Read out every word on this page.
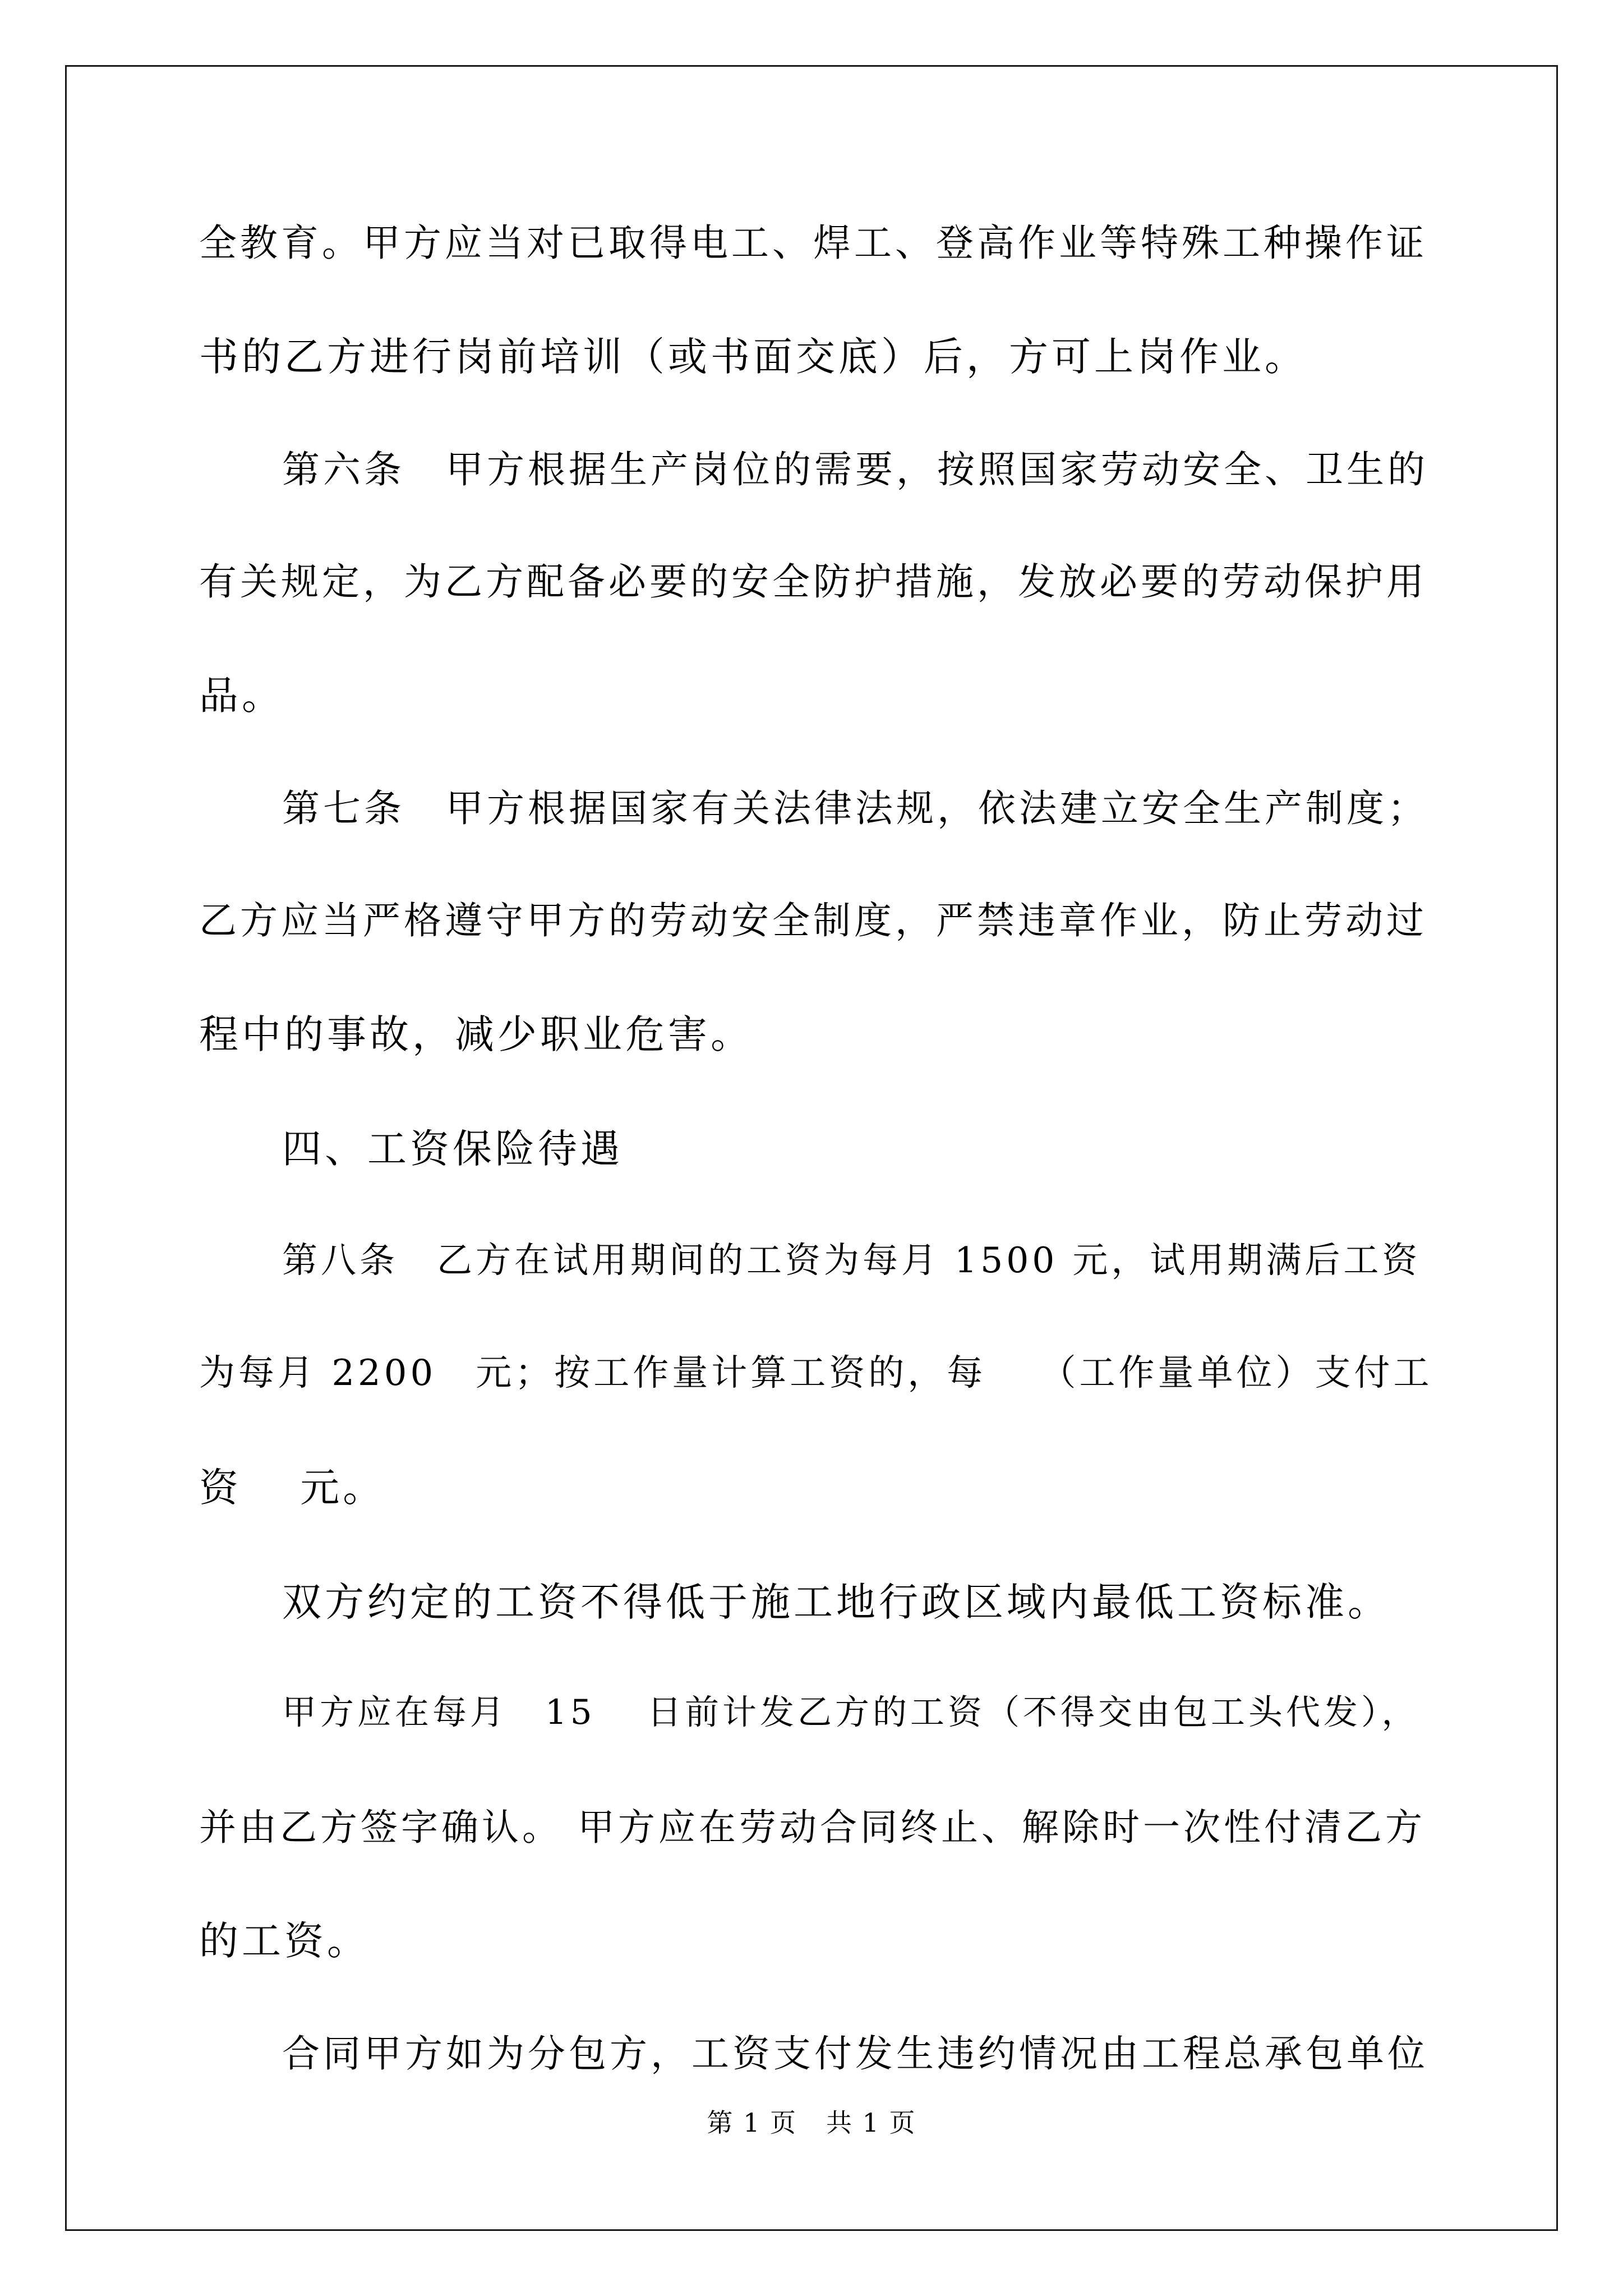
全教育。甲方应当对已取得电工、焊工、登高作业等特殊工种操作证
书的乙方进行岗前培训（或书面交底）后，方可上岗作业。
第六条　甲方根据生产岗位的需要，按照国家劳动安全、卫生的
有关规定，为乙方配备必要的安全防护措施，发放必要的劳动保护用
品。
第七条　甲方根据国家有关法律法规，依法建立安全生产制度；
乙方应当严格遵守甲方的劳动安全制度，严禁违章作业，防止劳动过
程中的事故，减少职业危害。
四、工资保险待遇
第八条　乙方在试用期间的工资为每月 1500 元，试用期满后工资
为每月 2200　元；按工作量计算工资的，每　 （工作量单位）支付工
资　 元。
双方约定的工资不得低于施工地行政区域内最低工资标准。
甲方应在每月　15　 日前计发乙方的工资（不得交由包工头代发），
并由乙方签字确认。 甲方应在劳动合同终止、解除时一次性付清乙方
的工资。
合同甲方如为分包方，工资支付发生违约情况由工程总承包单位
第 1 页 共 1 页
